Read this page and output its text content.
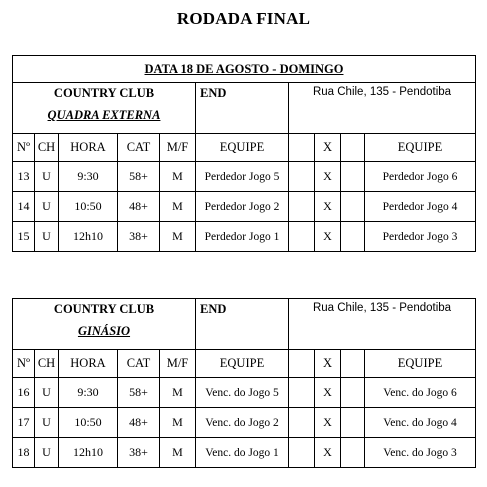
RODADA FINAL
DATA 18 DE AGOSTO - DOMINGO									

COUNTRY CLUB
QUADRA EXTERNA					END	Rua Chile, 135 - Pendotiba			
Nº	CH	HORA	CAT	M/F	EQUIPE		X		EQUIPE
13	U	9:30	58+	M	Perdedor Jogo 5		X		Perdedor Jogo 6
14	U	10:50	48+	M	Perdedor Jogo 2		X		Perdedor Jogo 4
15	U	12h10	38+	M	Perdedor Jogo 1		X		Perdedor Jogo 3
COUNTRY CLUB
GINÁSIO					END	Rua Chile, 135 - Pendotiba			
Nº	CH	HORA	CAT	M/F	EQUIPE		X		EQUIPE
16	U	9:30	58+	M	Venc. do Jogo 5		X		Venc. do Jogo 6
17	U	10:50	48+	M	Venc. do Jogo 2		X		Venc. do Jogo 4
18	U	12h10	38+	M	Venc. do Jogo 1		X		Venc. do Jogo 3
